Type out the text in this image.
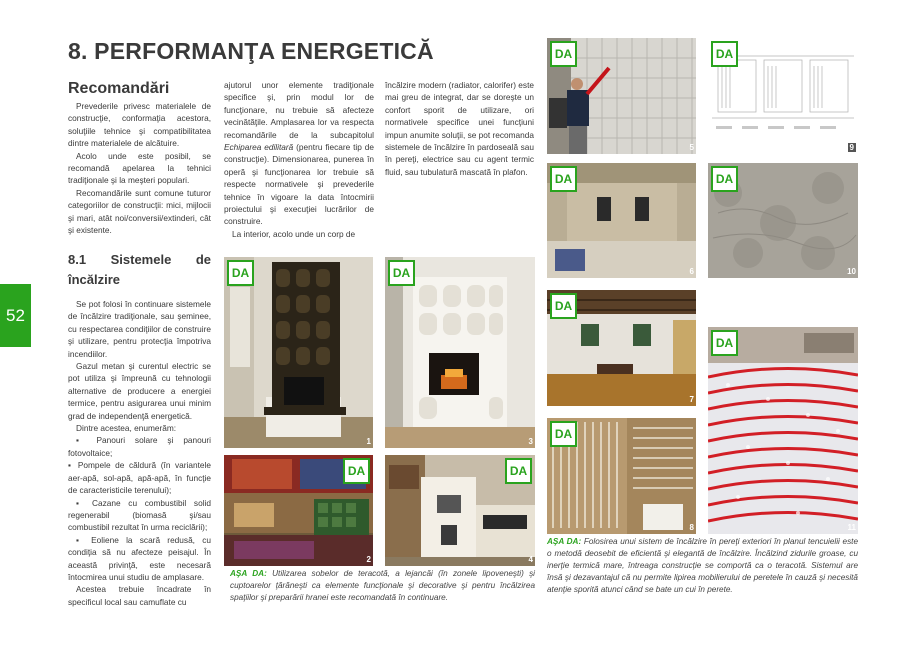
8. PERFORMANŢA ENERGETICĂ
52
Recomandări

Prevederile privesc materialele de construcţie, conformaţia acestora, soluţiile tehnice şi compatibilitatea dintre materialele de alcătuire.

Acolo unde este posibil, se recomandă apelarea la tehnici tradiţionale şi la meşteri populari.

Recomandările sunt comune tuturor categoriilor de construcţii: mici, mijlocii şi mari, atât noi/conversii/extinderi, cât şi existente.

8.1 Sistemele de încălzire

Se pot folosi în continuare sistemele de încălzire tradiţionale, sau şeminee, cu respectarea condiţiilor de construire şi utilizare, pentru protecţia împotriva incendiilor.

Gazul metan şi curentul electric se pot utiliza şi împreună cu tehnologii alternative de producere a energiei termice, pentru asigurarea unui minim grad de independenţă energetică.

Dintre acestea, enumerăm:

▪ Panouri solare şi panouri fotovoltaice;

▪ Pompele de căldură (în variantele aer-apă, sol-apă, apă-apă, în funcţie de caracteristicile terenului);

▪ Cazane cu combustibil solid regenerabil (biomasă şi/sau combustibil rezultat în urma reciclării);

▪ Eoliene la scară redusă, cu condiţia să nu afecteze peisajul. În această privinţă, este necesară întocmirea unui studiu de amplasare.

Acestea trebuie încadrate în specificul local sau camuflate cu

ajutorul unor elemente tradiţionale specifice şi, prin modul lor de funcţionare, nu trebuie să afecteze vecinătăţile. Amplasarea lor va respecta recomandările de la subcapitolul Echiparea edilitară (pentru fiecare tip de construcţie). Dimensionarea, punerea în operă şi funcţionarea lor trebuie să respecte normativele şi prevederile tehnice în vigoare la data întocmirii proiectului şi execuţiei lucrărilor de construire.

La interior, acolo unde un corp de

încălzire modern (radiator, calorifer) este mai greu de integrat, dar se doreşte un confort sporit de utilizare, ori normativele specifice unei funcţiuni impun anumite soluţii, se pot recomanda sistemele de încălzire în pardoseală sau în pereţi, electrice sau cu agent termic fluid, sau tubulatură mascată în plafon.

DA
1
DA
3
DA
2
DA
4
AŞA DA: Utilizarea sobelor de teracotă, a lejancăi (în zonele lipoveneşti) şi cuptoarelor ţărăneşti ca elemente funcţionale şi decorative şi pentru încălzirea spaţiilor şi preparării hranei este recomandată în continuare.
DA
5
DA
9
DA
6
DA
10
DA
7
DA
8
DA
11
AŞA DA: Folosirea unui sistem de încălzire în pereţi exteriori în planul tencuielii este o metodă deosebit de eficientă şi elegantă de încălzire. Încălzind zidurile groase, cu inerţie termică mare, întreaga construcţie se comportă ca o teracotă. Sistemul are însă şi dezavantajul că nu permite lipirea mobilierului de peretele în cauză şi necesită atenţie sporită atunci când se bate un cui în perete.
